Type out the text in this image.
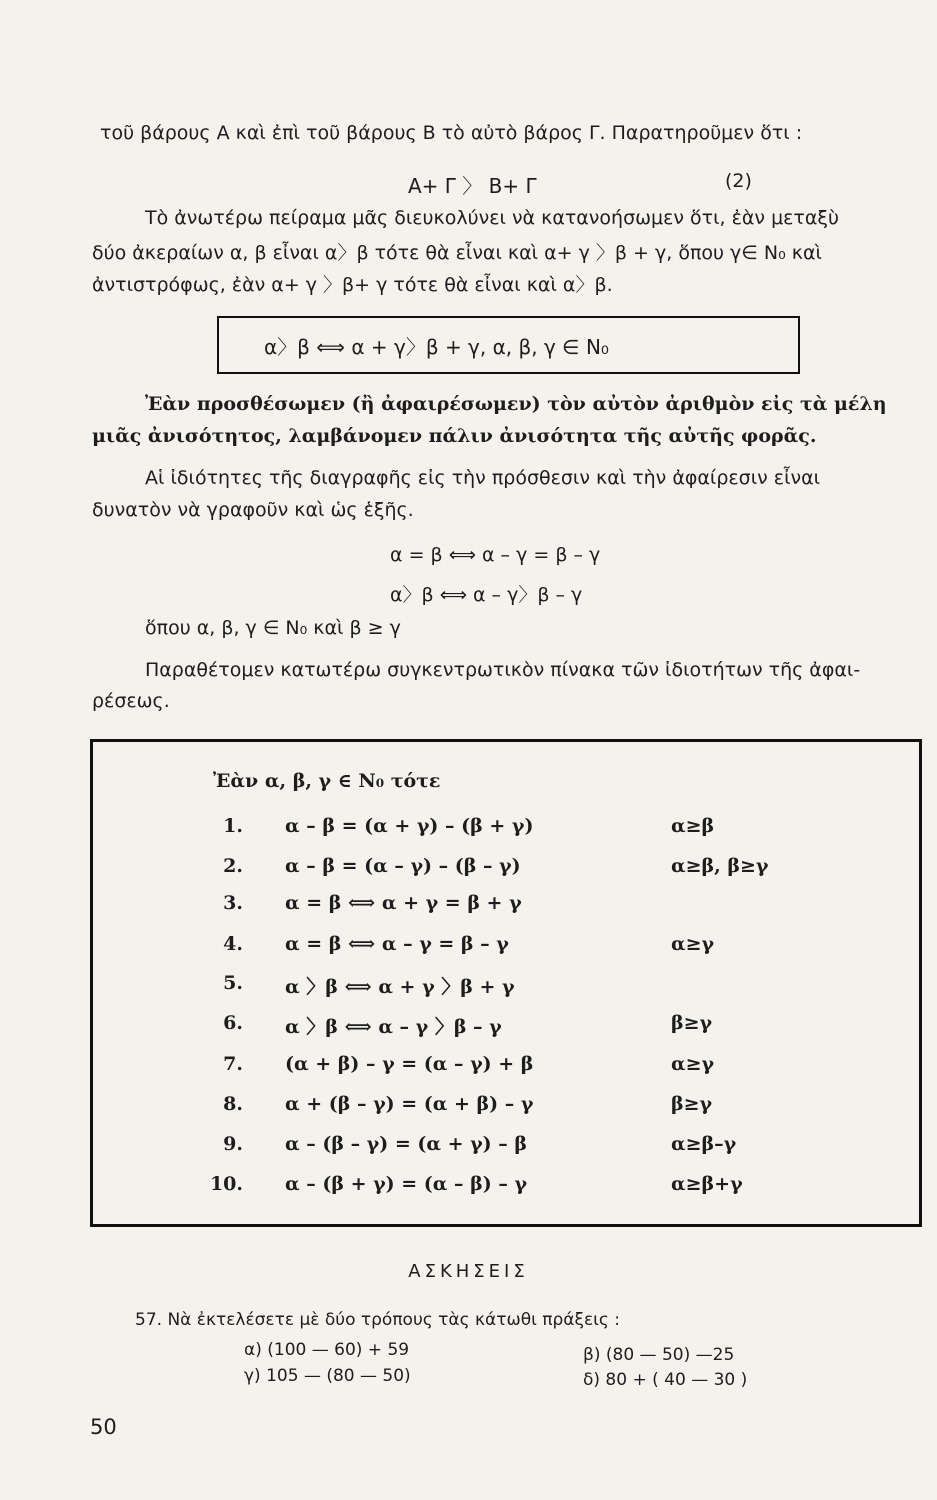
τοῦ βάρους Α καὶ ἐπὶ τοῦ βάρους Β τὸ αὐτὸ βάρος Γ. Παρατηροῦμεν ὅτι :
Α+ Γ 〉 Β+ Γ	(2)
Τὸ ἀνωτέρω πείραμα μᾶς διευκολύνει νὰ κατανοήσωμεν ὅτι, ἐὰν μεταξὺ
δύο ἀκεραίων α, β εἶναι α〉β τότε θὰ εἶναι καὶ α+ γ 〉β + γ, ὅπου γ∈ N₀ καὶ
ἀντιστρόφως, ἐὰν α+ γ 〉β+ γ τότε θὰ εἶναι καὶ α〉β.
α〉β ⟺ α + γ〉β + γ, α, β, γ ∈ N₀
Ἐὰν προσθέσωμεν (ἢ ἀφαιρέσωμεν) τὸν αὐτὸν ἀριθμὸν εἰς τὰ μέλη
μιᾶς ἀνισότητος, λαμβάνομεν πάλιν ἀνισότητα τῆς αὐτῆς φορᾶς.
Αἱ ἰδιότητες τῆς διαγραφῆς εἰς τὴν πρόσθεσιν καὶ τὴν ἀφαίρεσιν εἶναι
δυνατὸν νὰ γραφοῦν καὶ ὡς ἑξῆς.
α = β ⟺ α – γ = β – γ
α〉β ⟺ α – γ〉β – γ
ὅπου α, β, γ ∈ N₀ καὶ β ≥ γ
Παραθέτομεν κατωτέρω συγκεντρωτικὸν πίνακα τῶν ἰδιοτήτων τῆς ἀφαι-
ρέσεως.
Ἐὰν α, β, γ ∈ N₀ τότε
1. α – β = (α + γ) – (β + γ)	α≥β
2. α – β = (α – γ) – (β – γ)	α≥β, β≥γ
3. α = β ⟺ α + γ = β + γ
4. α = β ⟺ α – γ = β – γ	α≥γ
5. α 〉β ⟺ α + γ 〉β + γ
6. α 〉β ⟺ α – γ 〉β – γ	β≥γ
7. (α + β) – γ = (α – γ) + β	α≥γ
8. α + (β – γ) = (α + β) – γ	β≥γ
9. α – (β – γ) = (α + γ) – β	α≥β–γ
10. α – (β + γ) = (α – β) – γ	α≥β+γ
ΑΣΚΗΣΕΙΣ
57. Νὰ ἐκτελέσετε μὲ δύο τρόπους τὰς κάτωθι πράξεις :
α) (100 — 60) + 59	β) (80 — 50) —25
γ) 105 — (80 — 50)	δ) 80 + ( 40 — 30 )
50
